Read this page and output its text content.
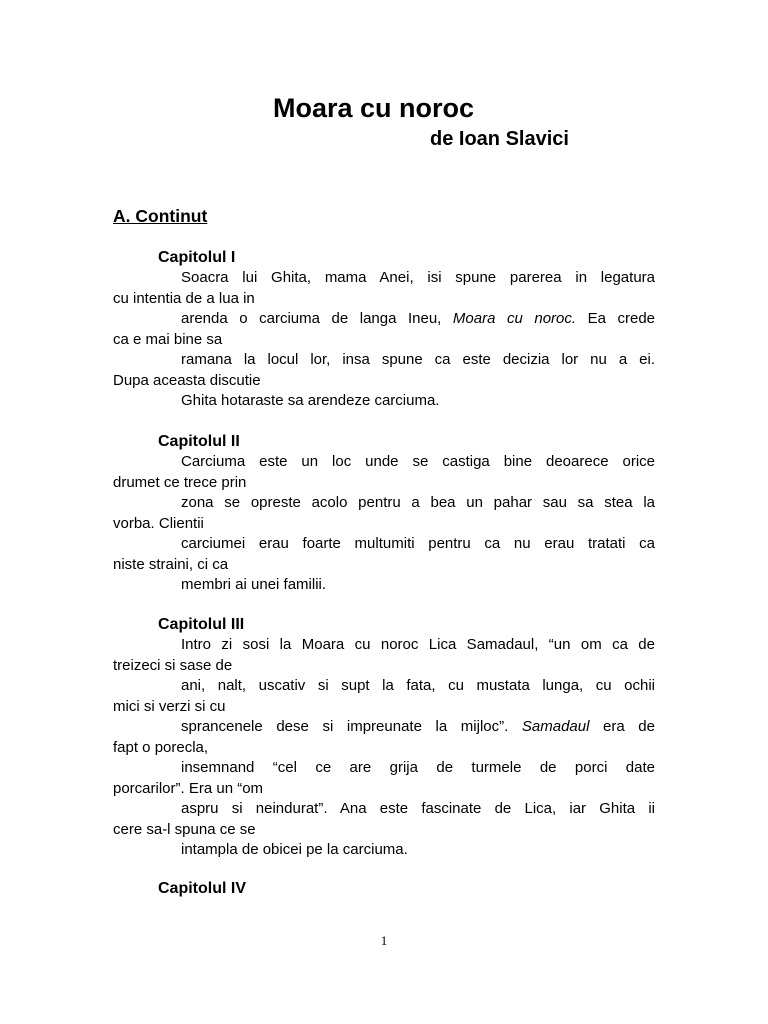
Moara cu noroc
de Ioan Slavici
A. Continut
Capitolul I
Soacra lui Ghita, mama Anei, isi spune parerea in legatura
cu intentia de a lua in
arenda o carciuma de langa Ineu, Moara cu noroc. Ea crede
ca e mai bine sa
ramana la locul lor, insa spune ca este decizia lor nu a ei.
Dupa aceasta discutie
Ghita hotaraste sa arendeze carciuma.
Capitolul II
Carciuma este un loc unde se castiga bine deoarece orice
drumet ce trece prin
zona se opreste acolo pentru a bea un pahar sau sa stea la
vorba. Clientii
carciumei erau foarte multumiti pentru ca nu erau tratati ca
niste straini, ci ca
membri ai unei familii.
Capitolul III
Intro zi sosi la Moara cu noroc Lica Samadaul, “un om ca de
treizeci si sase de
ani, nalt, uscativ si supt la fata, cu mustata lunga, cu ochii
mici si verzi si cu
sprancenele dese si impreunate la mijloc”. Samadaul era de
fapt o porecla,
insemnand “cel ce are grija de turmele de porci date
porcarilor”. Era un “om
aspru si neindurat”. Ana este fascinate de Lica, iar Ghita ii
cere sa-l spuna ce se
intampla de obicei pe la carciuma.
Capitolul IV
1
